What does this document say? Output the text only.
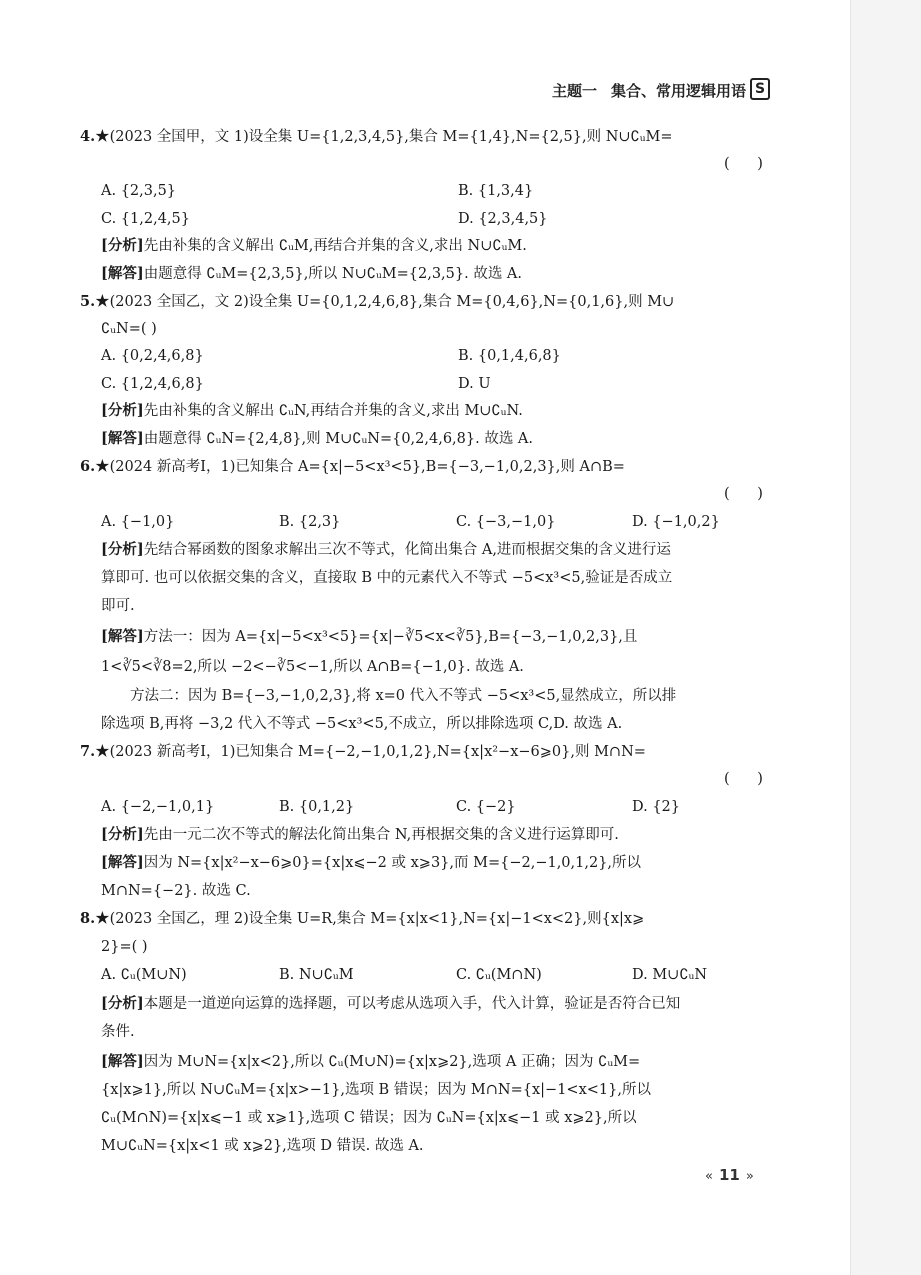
主题一 集合、常用逻辑用语 S
4.★(2023 全国甲，文 1)设全集 U={1,2,3,4,5},集合 M={1,4},N={2,5},则 N∪∁ᵤM=
(      )
A. {2,3,5}	B. {1,3,4}
C. {1,2,4,5}	D. {2,3,4,5}
[分析]先由补集的含义解出 ∁ᵤM,再结合并集的含义,求出 N∪∁ᵤM.
[解答]由题意得 ∁ᵤM={2,3,5},所以 N∪∁ᵤM={2,3,5}. 故选 A.
5.★(2023 全国乙，文 2)设全集 U={0,1,2,4,6,8},集合 M={0,4,6},N={0,1,6},则 M∪
∁ᵤN=( )
A. {0,2,4,6,8}	B. {0,1,4,6,8}
C. {1,2,4,6,8}	D. U
[分析]先由补集的含义解出 ∁ᵤN,再结合并集的含义,求出 M∪∁ᵤN.
[解答]由题意得 ∁ᵤN={2,4,8},则 M∪∁ᵤN={0,2,4,6,8}. 故选 A.
6.★(2024 新高考Ⅰ，1)已知集合 A={x|−5<x³<5},B={−3,−1,0,2,3},则 A∩B=
(      )
A. {−1,0}	B. {2,3}	C. {−3,−1,0}	D. {−1,0,2}
[分析]先结合幂函数的图象求解出三次不等式，化简出集合 A,进而根据交集的含义进行运
算即可. 也可以依据交集的含义，直接取 B 中的元素代入不等式 −5<x³<5,验证是否成立
即可.
[解答]方法一：因为 A={x|−5<x³<5}={x|−∛5<x<∛5},B={−3,−1,0,2,3},且
1<∛5<∛8=2,所以 −2<−∛5<−1,所以 A∩B={−1,0}. 故选 A.
方法二：因为 B={−3,−1,0,2,3},将 x=0 代入不等式 −5<x³<5,显然成立，所以排
除选项 B,再将 −3,2 代入不等式 −5<x³<5,不成立，所以排除选项 C,D. 故选 A.
7.★(2023 新高考Ⅰ，1)已知集合 M={−2,−1,0,1,2},N={x|x²−x−6⩾0},则 M∩N=
(      )
A. {−2,−1,0,1}	B. {0,1,2}	C. {−2}	D. {2}
[分析]先由一元二次不等式的解法化简出集合 N,再根据交集的含义进行运算即可.
[解答]因为 N={x|x²−x−6⩾0}={x|x⩽−2 或 x⩾3},而 M={−2,−1,0,1,2},所以
M∩N={−2}. 故选 C.
8.★(2023 全国乙，理 2)设全集 U=R,集合 M={x|x<1},N={x|−1<x<2},则{x|x⩾
2}=( )
A. ∁ᵤ(M∪N)	B. N∪∁ᵤM	C. ∁ᵤ(M∩N)	D. M∪∁ᵤN
[分析]本题是一道逆向运算的选择题，可以考虑从选项入手，代入计算，验证是否符合已知
条件.
[解答]因为 M∪N={x|x<2},所以 ∁ᵤ(M∪N)={x|x⩾2},选项 A 正确；因为 ∁ᵤM=
{x|x⩾1},所以 N∪∁ᵤM={x|x>−1},选项 B 错误；因为 M∩N={x|−1<x<1},所以
∁ᵤ(M∩N)={x|x⩽−1 或 x⩾1},选项 C 错误；因为 ∁ᵤN={x|x⩽−1 或 x⩾2},所以
M∪∁ᵤN={x|x<1 或 x⩾2},选项 D 错误. 故选 A.
« 11 »
